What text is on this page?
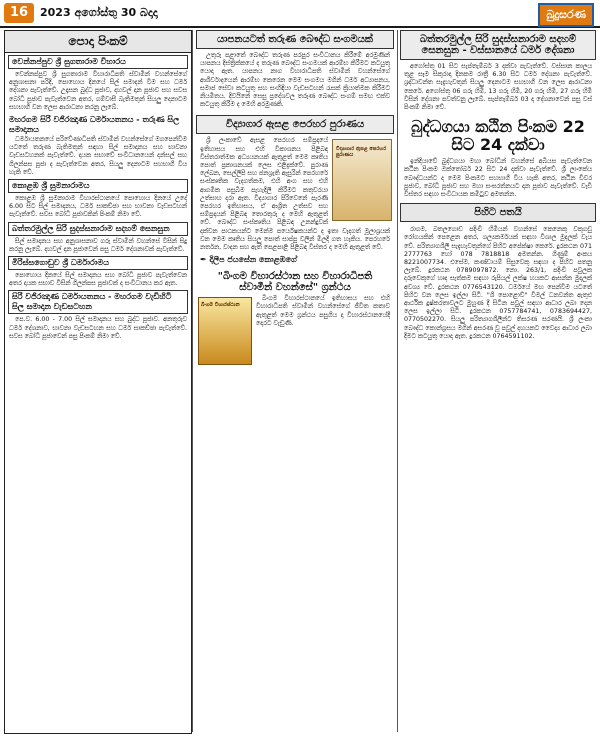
16	2023 අගෝස්තු 30 බදාදා	බුදුසරණ
පොදා පිංකම්
වෙන්නප්පුව ශ්‍රී සුගතාරාම විහාරය
වෙන්නප්පුව ශ්‍රී සුගතාරාම විහාරාධිපති ස්වාමීන් වහන්සේගේ අනුශාසනා පරිදි, පොහොය දිනයේ සිල් සමාදන් වීම සහ ධර්ම දේශනා පැවැත්වේ. උදෑසන බුද්ධ පූජාව, දහවල් දාන පූජාව සහ සවස බෝධි පූජාව පැවැත්වෙන අතර, ගම්වාසී බැතිමතුන් සියලු දෙනාටම සහභාගී වන ලෙස ආරාධනා කරනු ලැබේ.
මහරගම සිරි වජිරඤාණ ධර්මායතනය - තරුණ සිල සමාදානය
ධර්මායතනයේ පරිවේණාධිපති ස්වාමීන් වහන්සේගේ මගපෙන්වීම යටතේ තරුණ බැතිමතුන් සඳහා සිල් සමාදානය සහ භාවනා වැඩසටහනක් පැවැත්වේ. දායක සභාවේ සංවිධානයෙන් දන්සල් සහ ගිලන්පස පූජා ද පැවැත්වෙන අතර, සියලු දෙනාටම සහභාගී විය හැකි වේ.
කොළඹ ශ්‍රී සුමනාරාමය
කොළඹ ශ්‍රී සුමනාරාම විහාරස්ථානයේ පොහොය දිනයේ උදේ 6.00 සිට සිල් සමාදානය, ධර්ම සාකච්ඡා සහ භාවනා වැඩසටහන් පැවැත්වේ. සවස බෝධි පූජාවකින් පිංකම් නිමා වේ.
බත්තරමුල්ල සිරි සුදස්සනාරාම සදහම් සෙනසුන
සිල් සමාදානය සහ අනුශාසනාව ගරු ස්වාමීන් වහන්සේ විසින් සිදු කරනු ලැබේ. දහවල් දාන පූජාවෙන් පසු ධර්ම දේශනාවක් පැවැත්වේ.
මිරිස්සගොඩුව ශ්‍රී ධර්මාරාමය
පොහොය දිනයේ සිල් සමාදානය සහ බෝධි පූජාව පැවැත්වෙන අතර දායක සභාව විසින් ගිලන්පස පූජාවක් ද සංවිධානය කර ඇත.
සිරි වජිරඤාණ ධර්මායතනය - මහරගම වැඩිහිටි සිල සමාදාන වැඩසටහන
පෙ.ව. 6.00 - 7.00 සිල් සමාදානය සහ බුද්ධ පූජාව. අනතුරුව ධර්ම දේශනාව, භාවනා වැඩසටහන සහ ධර්ම සාකච්ඡා පැවැත්වේ. සවස බෝධි පූජාවෙන් පසු පිංකම් නිමා වේ.
යාපනයටත් තරුණ බෞද්ධ සංගමයක්
උතුරු පළාතේ බෞද්ධ තරුණ පරපුර සංවිධානය කිරීමේ අරමුණින් යාපනය දිස්ත්‍රික්කයේ ද තරුණ බෞද්ධ සංගමයක් ආරම්භ කිරීමට කටයුතු යොදා ඇත. යාපනය නාග විහාරාධිපති ස්වාමීන් වහන්සේගේ ආශීර්වාදයෙන් ආරම්භ කෙරෙන මෙම සංගමය මගින් ධර්ම අධ්‍යාපනය, සමාජ සේවා කටයුතු සහ සංහිඳියා වැඩසටහන් රැසක් ක්‍රියාත්මක කිරීමට නියමිතය. දිවයිනේ සෙසු ප්‍රදේශවල තරුණ බෞද්ධ සංගම් සමඟ එක්ව කටයුතු කිරීම ද මෙහි අරමුණකි.
විද්‍යාගාර ඇසළ පෙරහර පුරාණය
විද්‍යාගාර ඇසළ පෙරහර පුරාණය
ශ්‍රී ලංකාවේ ඇසළ පෙරහර සම්ප්‍රදායේ ඉතිහාසය සහ එහි විකාශනය පිළිබඳ විස්තරාත්මක අධ්‍යයනයක් ඇතුළත් මෙම කෘතිය පොත් ප්‍රකාශනයක් ලෙස එළිදැක්වේ. පුරාණ ලේඛන, සෙල්ලිපි සහ ජනශ්‍රැති ඇසුරින් පෙරහරේ සංස්කෘතික වැදගත්කම, එහි අංග සහ එහි ආගමික පසුබිම පැහැදිලි කිරීමට කතුවරයා උත්සාහ දරා ඇත. විද්‍යාගාර පිරිවෙනේ පැරණි පෙරහර ඉතිහාසය, ඒ ආශ්‍රිත උත්සව සහ සම්ප්‍රදායන් පිළිබඳ තොරතුරු ද මෙහි ඇතුළත් වේ. බෞද්ධ සංස්කෘතිය පිළිබඳ උනන්දුවක් දක්වන පාඨකයන්ට මෙන්ම පර්යේෂකයන්ට ද ඉතා වැදගත් මූලාශ්‍රයක් වන මෙම කෘතිය සියලු පොත් සාප්පු වලින් මිලදී ගත හැකිය. පෙරහරේ නර්තන, වාදන සහ ඇත් පෙළපාළි පිළිබඳ විස්තර ද මෙහි ඇතුළත් වේ.
✒ දිලීප ජයසේන කොළඹගේ
"බිංගම විහාරස්ථාන සහ විහාරාධිපති ස්වාමීන් වහන්සේ" ග්‍රන්ථය
බිංගම විහාරස්ථාන
බිංගම විහාරස්ථානයේ ඉතිහාසය සහ එහි විහාරාධිපති ස්වාමීන් වහන්සේගේ ජීවිත කතාව ඇතුළත් මෙම ග්‍රන්ථය පසුගිය දා විහාරස්ථානයේදී දොරට වැඩුණි.
බත්තරමුල්ල සිරි සුදස්සනාරාම සදහම් සෙනසුන - වස්සානයේ ධර්ම දේශනා
අගෝස්තු 01 සිට සැප්තැම්බර් 3 දක්වා පැවැත්වේ. වස්සාන කාලය තුළ සෑම සිකුරාදා දිනකම රාත්‍රී 6.30 සිට ධර්ම දේශනා පැවැත්වේ. ශ්‍රද්ධාවන්ත සැදැහැවතුන් සියලු දෙනාටම සහභාගී වන ලෙස ආරාධනා කෙරේ. අගෝස්තු 06 ගරු හිමි, 13 ගරු හිමි, 20 ගරු හිමි, 27 ගරු හිමි විසින් දේශනා පවත්වනු ලැබේ. සැප්තැම්බර් 03 දා දේශනාවෙන් පසු වස් පිංකම් නිමා වේ.
බුද්ධගයා කඨින පිංකම 22 සිට 24 දක්වා
ඉන්දියාවේ බුද්ධගයා මහා බෝධීන් වහන්සේ අබියස පැවැත්වෙන කඨින පිංකම ඔක්තෝබර් 22 සිට 24 දක්වා පැවැත්වේ. ශ්‍රී ලාංකේය බෞද්ධයන්ට ද මෙම පිංකමට සහභාගී විය හැකි අතර, කඨින චීවර පූජාව, බෝධි පූජාව සහ මහා සංඝරත්නයට දාන පූජාව පැවැත්වේ. වැඩි විස්තර සඳහා සංවිධායක කමිටුව අමතන්න.
පිහිට පතයි
රාගම, බතලගොඩ පදිංචි හිමියන් වහන්සේ කෙනෙකු වකුගඩු රෝගයකින් පෙළෙන අතර, ශල්‍යකර්මයක් සඳහා විශාල මුදලක් වැය වේ. පරිත්‍යාගශීලී සැදැහැවතුන්ගේ පිහිට අපේක්ෂා කෙරේ. දුරකථන 071 2777763 හෝ 078 7818818 අමතන්න. ගිණුම් අංකය 8221007734. එසේම, කණ්ඩායම් සිසුවෙකු සඳහා ද පිහිට පතනු ලැබේ. දුරකථන 0789097872. නො. 263/1, පදිංචි පවුලක දරුවෙකුගේ හෘද සැත්කම සඳහා රුපියල් ලක්ෂ හයකට ආසන්න මුදලක් අවශ්‍ය වේ. දුරකථන 0776543120. ධර්මයේ මඟ පෙන්වීම යටතේ පිහිට වන ලෙස ඉල්ලා සිටී. "ශී පොළොව්" විමල් ධනවන්ත ඇතුළු ආර්ථික දුෂ්කරතාවලට මුහුණ දී සිටින පවුල් සඳහා ආධාර ලබා දෙන ලෙස ඉල්ලා සිටී. දුරකථන 0757784741, 0783694427, 0770502270. සියලු පරිත්‍යාගශීලීන්ට තිසරණ සරණයි. ශ්‍රී ලංකා බෞද්ධ කොන්ග්‍රසය මගින් අසරණ වූ පවුල් දහයකට වෛද්‍ය ආධාර ලබා දීමට කටයුතු යොදා ඇත. දුරකථන 0764591102.
